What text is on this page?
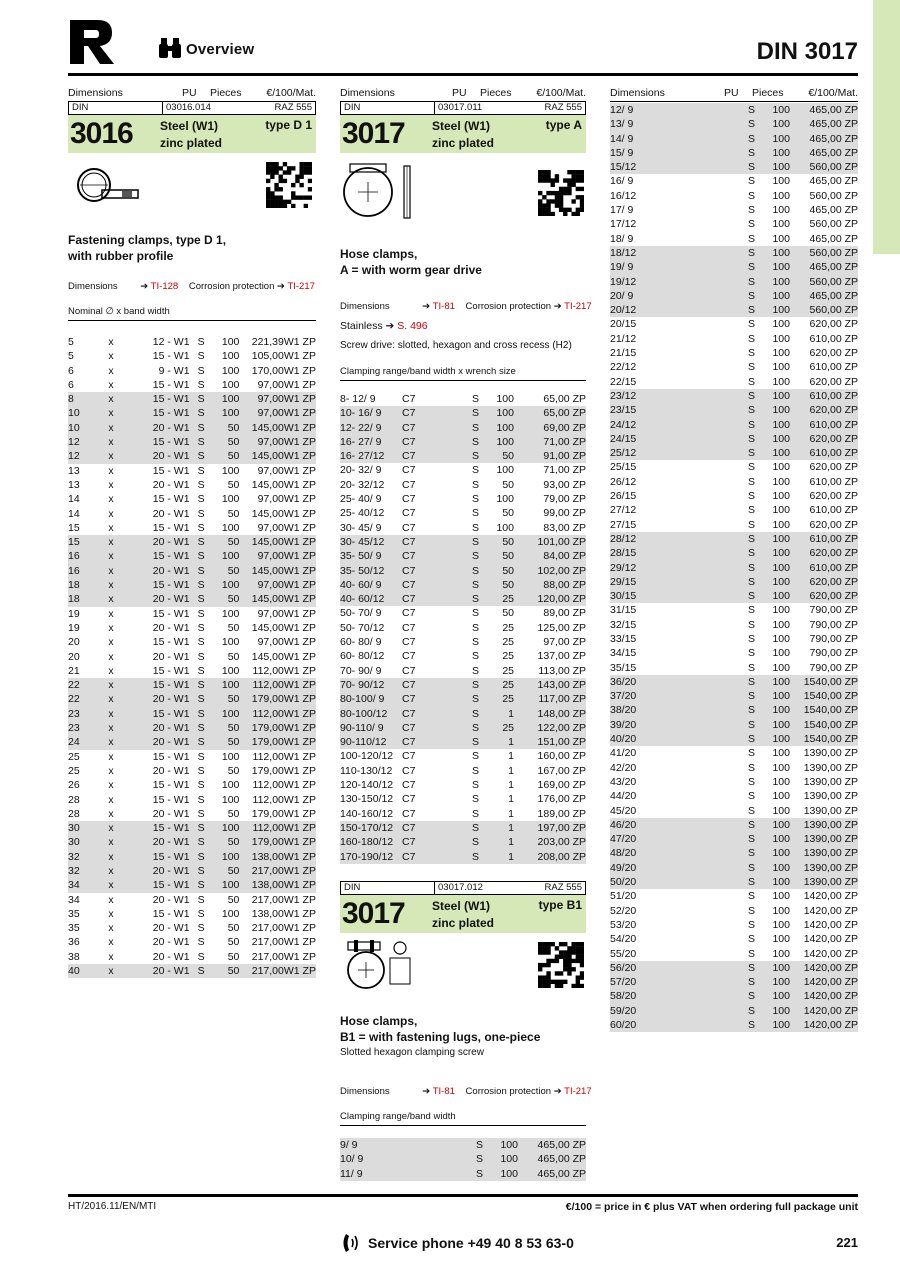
Overview	DIN 3017
Dimensions	PU	Pieces	€/100/Mat.
DIN	03016.014	RAZ 555
3016 Steel (W1)
zinc plated
type D 1
Fastening clamps, type D 1,
with rubber profile
Dimensions ➔ TI-128 Corrosion protection ➔ TI-217
Nominal ∅ x band width
5	x	12 - W1	S	100	221,39	W1 ZP
5	x	15 - W1	S	100	105,00	W1 ZP
6	x	9 - W1	S	100	170,00	W1 ZP
6	x	15 - W1	S	100	97,00	W1 ZP
8	x	15 - W1	S	100	97,00	W1 ZP
10	x	15 - W1	S	100	97,00	W1 ZP
10	x	20 - W1	S	50	145,00	W1 ZP
12	x	15 - W1	S	50	97,00	W1 ZP
12	x	20 - W1	S	50	145,00	W1 ZP
13	x	15 - W1	S	100	97,00	W1 ZP
13	x	20 - W1	S	50	145,00	W1 ZP
14	x	15 - W1	S	100	97,00	W1 ZP
14	x	20 - W1	S	50	145,00	W1 ZP
15	x	15 - W1	S	100	97,00	W1 ZP
15	x	20 - W1	S	50	145,00	W1 ZP
16	x	15 - W1	S	100	97,00	W1 ZP
16	x	20 - W1	S	50	145,00	W1 ZP
18	x	15 - W1	S	100	97,00	W1 ZP
18	x	20 - W1	S	50	145,00	W1 ZP
19	x	15 - W1	S	100	97,00	W1 ZP
19	x	20 - W1	S	50	145,00	W1 ZP
20	x	15 - W1	S	100	97,00	W1 ZP
20	x	20 - W1	S	50	145,00	W1 ZP
21	x	15 - W1	S	100	112,00	W1 ZP
22	x	15 - W1	S	100	112,00	W1 ZP
22	x	20 - W1	S	50	179,00	W1 ZP
23	x	15 - W1	S	100	112,00	W1 ZP
23	x	20 - W1	S	50	179,00	W1 ZP
24	x	20 - W1	S	50	179,00	W1 ZP
25	x	15 - W1	S	100	112,00	W1 ZP
25	x	20 - W1	S	50	179,00	W1 ZP
26	x	15 - W1	S	100	112,00	W1 ZP
28	x	15 - W1	S	100	112,00	W1 ZP
28	x	20 - W1	S	50	179,00	W1 ZP
30	x	15 - W1	S	100	112,00	W1 ZP
30	x	20 - W1	S	50	179,00	W1 ZP
32	x	15 - W1	S	100	138,00	W1 ZP
32	x	20 - W1	S	50	217,00	W1 ZP
34	x	15 - W1	S	100	138,00	W1 ZP
34	x	20 - W1	S	50	217,00	W1 ZP
35	x	15 - W1	S	100	138,00	W1 ZP
35	x	20 - W1	S	50	217,00	W1 ZP
36	x	20 - W1	S	50	217,00	W1 ZP
38	x	20 - W1	S	50	217,00	W1 ZP
40	x	20 - W1	S	50	217,00	W1 ZP
Dimensions	PU	Pieces	€/100/Mat.
DIN	03017.011	RAZ 555
3017 Steel (W1)
zinc plated
type A
Hose clamps,
A = with worm gear drive
Dimensions	➔ TI-81 Corrosion protection ➔ TI-217
Stainless ➔ S. 496
Screw drive: slotted, hexagon and cross recess (H2)
Clamping range/band width x wrench size
8- 12/ 9	C7	S	100	65,00 ZP
10- 16/ 9	C7	S	100	65,00 ZP
12- 22/ 9	C7	S	100	69,00 ZP
16- 27/ 9	C7	S	100	71,00 ZP
16- 27/12	C7	S	50	91,00 ZP
20- 32/ 9	C7	S	100	71,00 ZP
20- 32/12	C7	S	50	93,00 ZP
25- 40/ 9	C7	S	100	79,00 ZP
25- 40/12	C7	S	50	99,00 ZP
30- 45/ 9	C7	S	100	83,00 ZP
30- 45/12	C7	S	50	101,00 ZP
35- 50/ 9	C7	S	50	84,00 ZP
35- 50/12	C7	S	50	102,00 ZP
40- 60/ 9	C7	S	50	88,00 ZP
40- 60/12	C7	S	25	120,00 ZP
50- 70/ 9	C7	S	50	89,00 ZP
50- 70/12	C7	S	25	125,00 ZP
60- 80/ 9	C7	S	25	97,00 ZP
60- 80/12	C7	S	25	137,00 ZP
70- 90/ 9	C7	S	25	113,00 ZP
70- 90/12	C7	S	25	143,00 ZP
80-100/ 9	C7	S	25	117,00 ZP
80-100/12	C7	S	1	148,00 ZP
90-110/ 9	C7	S	25	122,00 ZP
90-110/12	C7	S	1	151,00 ZP
100-120/12	C7	S	1	160,00 ZP
110-130/12	C7	S	1	167,00 ZP
120-140/12	C7	S	1	169,00 ZP
130-150/12	C7	S	1	176,00 ZP
140-160/12	C7	S	1	189,00 ZP
150-170/12	C7	S	1	197,00 ZP
160-180/12	C7	S	1	203,00 ZP
170-190/12	C7	S	1	208,00 ZP
DIN	03017.012	RAZ 555
3017 Steel (W1)
zinc plated
type B1
Hose clamps,
B1 = with fastening lugs, one-piece
Slotted hexagon clamping screw
Dimensions	➔ TI-81 Corrosion protection ➔ TI-217
Clamping range/band width
9/ 9	S	100	465,00 ZP
10/ 9	S	100	465,00 ZP
11/ 9	S	100	465,00 ZP
Dimensions	PU	Pieces	€/100/Mat.
12/ 9	S	100	465,00 ZP
13/ 9	S	100	465,00 ZP
14/ 9	S	100	465,00 ZP
15/ 9	S	100	465,00 ZP
15/12	S	100	560,00 ZP
16/ 9	S	100	465,00 ZP
16/12	S	100	560,00 ZP
17/ 9	S	100	465,00 ZP
17/12	S	100	560,00 ZP
18/ 9	S	100	465,00 ZP
18/12	S	100	560,00 ZP
19/ 9	S	100	465,00 ZP
19/12	S	100	560,00 ZP
20/ 9	S	100	465,00 ZP
20/12	S	100	560,00 ZP
20/15	S	100	620,00 ZP
21/12	S	100	610,00 ZP
21/15	S	100	620,00 ZP
22/12	S	100	610,00 ZP
22/15	S	100	620,00 ZP
23/12	S	100	610,00 ZP
23/15	S	100	620,00 ZP
24/12	S	100	610,00 ZP
24/15	S	100	620,00 ZP
25/12	S	100	610,00 ZP
25/15	S	100	620,00 ZP
26/12	S	100	610,00 ZP
26/15	S	100	620,00 ZP
27/12	S	100	610,00 ZP
27/15	S	100	620,00 ZP
28/12	S	100	610,00 ZP
28/15	S	100	620,00 ZP
29/12	S	100	610,00 ZP
29/15	S	100	620,00 ZP
30/15	S	100	620,00 ZP
31/15	S	100	790,00 ZP
32/15	S	100	790,00 ZP
33/15	S	100	790,00 ZP
34/15	S	100	790,00 ZP
35/15	S	100	790,00 ZP
36/20	S	100	1540,00 ZP
37/20	S	100	1540,00 ZP
38/20	S	100	1540,00 ZP
39/20	S	100	1540,00 ZP
40/20	S	100	1540,00 ZP
41/20	S	100	1390,00 ZP
42/20	S	100	1390,00 ZP
43/20	S	100	1390,00 ZP
44/20	S	100	1390,00 ZP
45/20	S	100	1390,00 ZP
46/20	S	100	1390,00 ZP
47/20	S	100	1390,00 ZP
48/20	S	100	1390,00 ZP
49/20	S	100	1390,00 ZP
50/20	S	100	1390,00 ZP
51/20	S	100	1420,00 ZP
52/20	S	100	1420,00 ZP
53/20	S	100	1420,00 ZP
54/20	S	100	1420,00 ZP
55/20	S	100	1420,00 ZP
56/20	S	100	1420,00 ZP
57/20	S	100	1420,00 ZP
58/20	S	100	1420,00 ZP
59/20	S	100	1420,00 ZP
60/20	S	100	1420,00 ZP
HT/2016.11/EN/MTI	€/100 = price in € plus VAT when ordering full package unit
Service phone +49 40 8 53 63-0	221
